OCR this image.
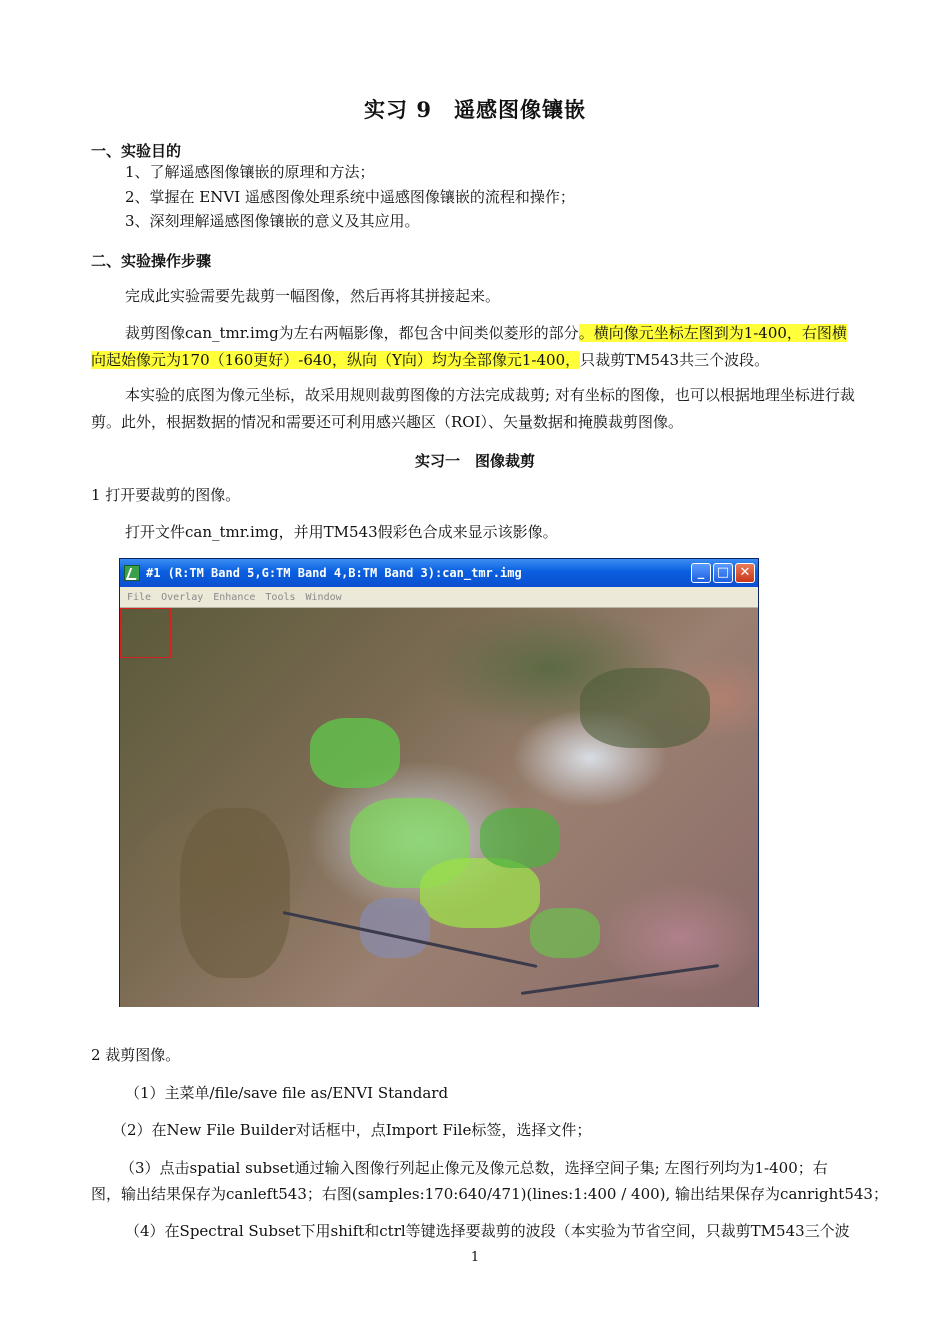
实习 9　遥感图像镶嵌
一、实验目的
1、了解遥感图像镶嵌的原理和方法；
2、掌握在 ENVI 遥感图像处理系统中遥感图像镶嵌的流程和操作；
3、深刻理解遥感图像镶嵌的意义及其应用。
二、实验操作步骤
完成此实验需要先裁剪一幅图像，然后再将其拼接起来。
裁剪图像can_tmr.img为左右两幅影像，都包含中间类似菱形的部分。横向像元坐标左图到为1-400，右图横向起始像元为170（160更好）-640，纵向（Y向）均为全部像元1-400，只裁剪TM543共三个波段。
本实验的底图为像元坐标，故采用规则裁剪图像的方法完成裁剪; 对有坐标的图像，也可以根据地理坐标进行裁剪。此外，根据数据的情况和需要还可利用感兴趣区（ROI）、矢量数据和掩膜裁剪图像。
实习一　图像裁剪
1 打开要裁剪的图像。
打开文件can_tmr.img，并用TM543假彩色合成来显示该影像。
#1 (R:TM Band 5,G:TM Band 4,B:TM Band 3):can_tmr.img	_ □ ✕
File Overlay Enhance Tools Window
2 裁剪图像。
（1）主菜单/file/save file as/ENVI Standard
（2）在New File Builder对话框中，点Import File标签，选择文件；
（3）点击spatial subset通过输入图像行列起止像元及像元总数，选择空间子集; 左图行列均为1-400；右
图，输出结果保存为canleft543；右图(samples:170:640/471)(lines:1:400 / 400), 输出结果保存为canright543；
（4）在Spectral Subset下用shift和ctrl等键选择要裁剪的波段（本实验为节省空间，只裁剪TM543三个波
1
